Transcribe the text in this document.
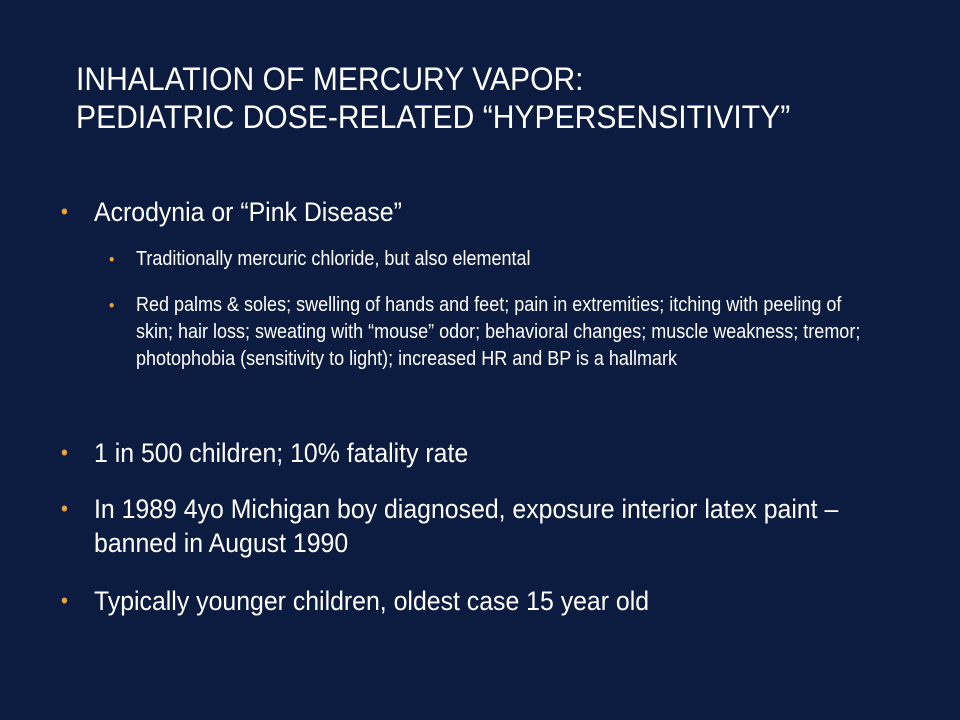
INHALATION OF MERCURY VAPOR:
PEDIATRIC DOSE-RELATED “HYPERSENSITIVITY”

• Acrodynia or “Pink Disease”

• Traditionally mercuric chloride, but also elemental

• Red palms & soles; swelling of hands and feet; pain in extremities; itching with peeling of skin; hair loss; sweating with “mouse” odor; behavioral changes; muscle weakness; tremor; photophobia (sensitivity to light); increased HR and BP is a hallmark

• 1 in 500 children; 10% fatality rate

• In 1989 4yo Michigan boy diagnosed, exposure interior latex paint – banned in August 1990

• Typically younger children, oldest case 15 year old
